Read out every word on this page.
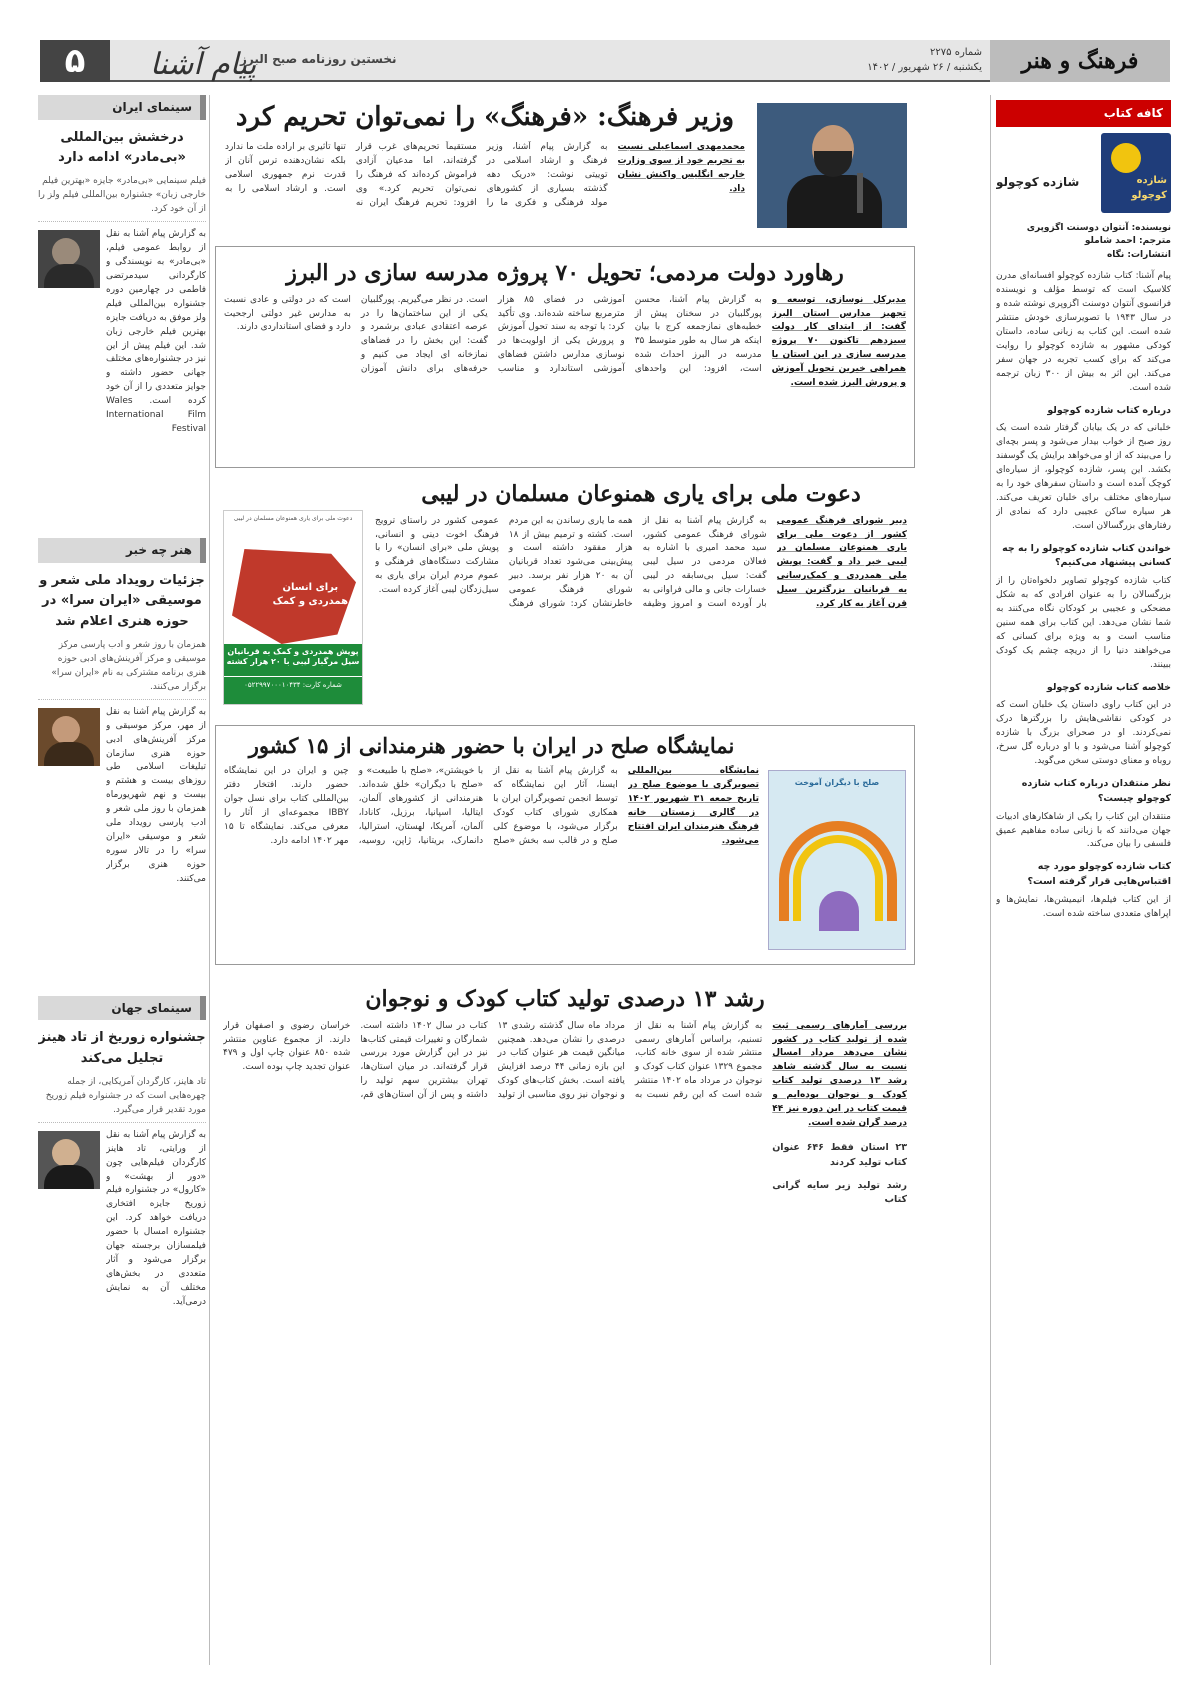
فرهنگ و هنر
شماره ۲۲۷۵
یکشنبه / ۲۶ شهریور / ۱۴۰۲
نخستین روزنامه صبح البرز
پیام آشنا
۵
کافه کتاب
شازده کوچولو
شازده کوچولو
نویسنده: آنتوان دوسنت اگزوپری
مترجم: احمد شاملو
انتشارات: نگاه
پیام آشنا: کتاب شازده کوچولو افسانه‌ای مدرن کلاسیک است که توسط مؤلف و نویسنده فرانسوی آنتوان دوسنت اگزوپری نوشته شده و در سال ۱۹۴۳ با تصویرسازی خودش منتشر شده است. این کتاب به زبانی ساده، داستان کودکی مشهور به شازده کوچولو را روایت می‌کند که برای کسب تجربه در جهان سفر می‌کند. این اثر به بیش از ۳۰۰ زبان ترجمه شده است.
درباره کتاب شازده کوچولو
خلبانی که در یک بیابان گرفتار شده است یک روز صبح از خواب بیدار می‌شود و پسر بچه‌ای را می‌بیند که از او می‌خواهد برایش یک گوسفند بکشد. این پسر، شازده کوچولو، از سیاره‌ای کوچک آمده است و داستان سفرهای خود را به سیاره‌های مختلف برای خلبان تعریف می‌کند. هر سیاره ساکن عجیبی دارد که نمادی از رفتارهای بزرگسالان است.
خواندن کتاب شازده کوچولو را به چه کسانی پیشنهاد می‌کنیم؟
کتاب شازده کوچولو تصاویر دلخواه‌تان را از بزرگسالان را به عنوان افرادی که به شکل مضحکی و عجیبی بر کودکان نگاه می‌کنند به شما نشان می‌دهد. این کتاب برای همه سنین مناسب است و به ویژه برای کسانی که می‌خواهند دنیا را از دریچه چشم یک کودک ببینند.
خلاصه کتاب شازده کوچولو
در این کتاب راوی داستان یک خلبان است که در کودکی نقاشی‌هایش را بزرگترها درک نمی‌کردند. او در صحرای بزرگ با شازده کوچولو آشنا می‌شود و با او درباره گل سرخ، روباه و معنای دوستی سخن می‌گوید.
نظر منتقدان درباره کتاب شازده کوچولو چیست؟
منتقدان این کتاب را یکی از شاهکارهای ادبیات جهان می‌دانند که با زبانی ساده مفاهیم عمیق فلسفی را بیان می‌کند.
کتاب شازده کوچولو مورد چه اقتباس‌هایی قرار گرفته است؟
از این کتاب فیلم‌ها، انیمیشن‌ها، نمایش‌ها و اپراهای متعددی ساخته شده است.
سینمای ایران
درخشش بین‌المللی «بی‌مادر» ادامه دارد
فیلم سینمایی «بی‌مادر» جایزه «بهترین فیلم خارجی زبان» جشنواره بین‌المللی فیلم ولز را از آن خود کرد.
به گزارش پیام آشنا به نقل از روابط عمومی فیلم، «بی‌مادر» به نویسندگی و کارگردانی سیدمرتضی فاطمی در چهارمین دوره جشنواره بین‌المللی فیلم ولز موفق به دریافت جایزه بهترین فیلم خارجی زبان شد. این فیلم پیش از این نیز در جشنواره‌های مختلف جهانی حضور داشته و جوایز متعددی را از آن خود کرده است. Wales International Film Festival
هنر چه خبر
جزئیات رویداد ملی شعر و موسیقی «ایران سرا» در حوزه هنری اعلام شد
همزمان با روز شعر و ادب پارسی مرکز موسیقی و مرکز آفرینش‌های ادبی حوزه هنری برنامه مشترکی به نام «ایران سرا» برگزار می‌کنند.
به گزارش پیام آشنا به نقل از مهر، مرکز موسیقی و مرکز آفرینش‌های ادبی حوزه هنری سازمان تبلیغات اسلامی طی روزهای بیست و هشتم و بیست و نهم شهریورماه همزمان با روز ملی شعر و ادب پارسی رویداد ملی شعر و موسیقی «ایران سرا» را در تالار سوره حوزه هنری برگزار می‌کنند.
سینمای جهان
جشنواره زوریخ از تاد هینز تجلیل می‌کند
تاد هاینز، کارگردان آمریکایی، از جمله چهره‌هایی است که در جشنواره فیلم زوریخ مورد تقدیر قرار می‌گیرد.
به گزارش پیام آشنا به نقل از ورایتی، تاد هاینز کارگردان فیلم‌هایی چون «دور از بهشت» و «کارول» در جشنواره فیلم زوریخ جایزه افتخاری دریافت خواهد کرد. این جشنواره امسال با حضور فیلمسازان برجسته جهان برگزار می‌شود و آثار متعددی در بخش‌های مختلف آن به نمایش درمی‌آید.
وزیر فرهنگ: «فرهنگ» را نمی‌توان تحریم کرد
محمدمهدی اسماعیلی نسبت به تحریم خود از سوی وزارت خارجه انگلیس واکنش نشان داد.
به گزارش پیام آشنا، وزیر فرهنگ و ارشاد اسلامی در توییتی نوشت: «دریک دهه گذشته بسیاری از کشورهای مولد فرهنگی و فکری ما را مستقیماً تحریم‌های غرب قرار گرفته‌اند، اما مدعیان آزادی فراموش کرده‌اند که فرهنگ را نمی‌توان تحریم کرد.» وی افزود: تحریم فرهنگ ایران نه تنها تأثیری بر اراده ملت ما ندارد بلکه نشان‌دهنده ترس آنان از قدرت نرم جمهوری اسلامی است. و ارشاد اسلامی را به
رهاورد دولت مردمی؛ تحویل ۷۰ پروژه مدرسه سازی در البرز
مدیرکل نوسازی، توسعه و تجهیز مدارس استان البرز گفت: از ابتدای کار دولت سیزدهم تاکنون ۷۰ پروژه مدرسه سازی در این استان با همراهی خیرین تحویل آموزش و پرورش البرز شده است.
به گزارش پیام آشنا، محسن پورگلبیان در سخنان پیش از خطبه‌های نمازجمعه کرج با بیان اینکه هر سال به طور متوسط ۳۵ مدرسه در البرز احداث شده است، افزود: این واحدهای آموزشی در فضای ۸۵ هزار مترمربع ساخته شده‌اند. وی تأکید کرد: با توجه به سند تحول آموزش و پرورش یکی از اولویت‌ها در نوسازی مدارس داشتن فضاهای آموزشی استاندارد و مناسب است. در نظر می‌گیریم. پورگلبیان یکی از این ساختمان‌ها را در عرصه اعتقادی عبادی برشمرد و گفت: این بخش را در فضاهای نمازخانه ای ایجاد می کنیم و حرفه‌های برای دانش آموزان است که در دولتی و عادی نسبت به مدارس غیر دولتی ارجحیت دارد و فضای استانداردی دارند.
دعوت ملی برای یاری همنوعان مسلمان در لیبی
دبیر شورای فرهنگ عمومی کشور از دعوت ملی برای یاری همنوعان مسلمان در لیبی خبر داد و گفت: پویش ملی همدردی و کمک‌رسانی به قربانیان بزرگترین سیل قرن آغاز به کار کرد.
به گزارش پیام آشنا به نقل از شورای فرهنگ عمومی کشور، سید محمد امیری با اشاره به فعالان مردمی در سیل لیبی گفت: سیل بی‌سابقه در لیبی خسارات جانی و مالی فراوانی به بار آورده است و امروز وظیفه همه ما یاری رساندن به این مردم است. کشته و ترمیم بیش از ۱۸ هزار مفقود داشته است و پیش‌بینی می‌شود تعداد قربانیان آن به ۲۰ هزار نفر برسد. دبیر شورای فرهنگ عمومی خاطرنشان کرد: شورای فرهنگ عمومی کشور در راستای ترویج فرهنگ اخوت دینی و انسانی، پویش ملی «برای انسان» را با مشارکت دستگاه‌های فرهنگی و عموم مردم ایران برای یاری به سیل‌زدگان لیبی آغاز کرده است.
دعوت ملی برای یاری همنوعان مسلمان در لیبی
برای انسان
همدردی و کمک
پویش همدردی و کمک به قربانیان سیل مرگبار لیبی با ۲۰ هزار کشته
شماره کارت: ۰۵۲۲۹۹۷۰۰۰۱۰۴۳۴
صلح با دیگران آموخت
نمایشگاه صلح در ایران با حضور هنرمندانی از ۱۵ کشور
نمایشگاه بین‌المللی تصویرگری با موضوع صلح در تاریخ جمعه ۳۱ شهریور ۱۴۰۲ در گالری زمستان خانه فرهنگ هنرمندان ایران افتتاح می‌شود.
به گزارش پیام آشنا به نقل از ایسنا، آثار این نمایشگاه که توسط انجمن تصویرگران ایران با همکاری شورای کتاب کودک برگزار می‌شود، با موضوع کلی صلح و در قالب سه بخش «صلح با خویشتن»، «صلح با طبیعت» و «صلح با دیگران» خلق شده‌اند. هنرمندانی از کشورهای آلمان، ایتالیا، اسپانیا، برزیل، کانادا، آلمان، آمریکا، لهستان، استرالیا، دانمارک، بریتانیا، ژاپن، روسیه، چین و ایران در این نمایشگاه حضور دارند. افتخار دفتر بین‌المللی کتاب برای نسل جوان IBBY مجموعه‌ای از آثار را معرفی می‌کند. نمایشگاه تا ۱۵ مهر ۱۴۰۲ ادامه دارد.
رشد ۱۳ درصدی تولید کتاب کودک و نوجوان
بررسی آمارهای رسمی ثبت شده از تولید کتاب در کشور نشان می‌دهد مرداد امسال نسبت به سال گذشته شاهد رشد ۱۳ درصدی تولید کتاب کودک و نوجوان بوده‌ایم و قیمت کتاب در این دوره نیز ۴۴ درصد گران شده است.
۲۳ استان فقط ۶۴۶ عنوان کتاب تولید کردند
رشد تولید زیر سایه گرانی کتاب
به گزارش پیام آشنا به نقل از تسنیم، براساس آمارهای رسمی منتشر شده از سوی خانه کتاب، مجموع ۱۳۲۹ عنوان کتاب کودک و نوجوان در مرداد ماه ۱۴۰۲ منتشر شده است که این رقم نسبت به مرداد ماه سال گذشته رشدی ۱۳ درصدی را نشان می‌دهد. همچنین میانگین قیمت هر عنوان کتاب در این بازه زمانی ۴۴ درصد افزایش یافته است. بخش کتاب‌های کودک و نوجوان نیز روی مناسبی از تولید کتاب در سال ۱۴۰۲ داشته است. شمارگان و تغییرات قیمتی کتاب‌ها نیز در این گزارش مورد بررسی قرار گرفته‌اند. در میان استان‌ها، تهران بیشترین سهم تولید را داشته و پس از آن استان‌های قم، خراسان رضوی و اصفهان قرار دارند. از مجموع عناوین منتشر شده ۸۵۰ عنوان چاپ اول و ۴۷۹ عنوان تجدید چاپ بوده است.
